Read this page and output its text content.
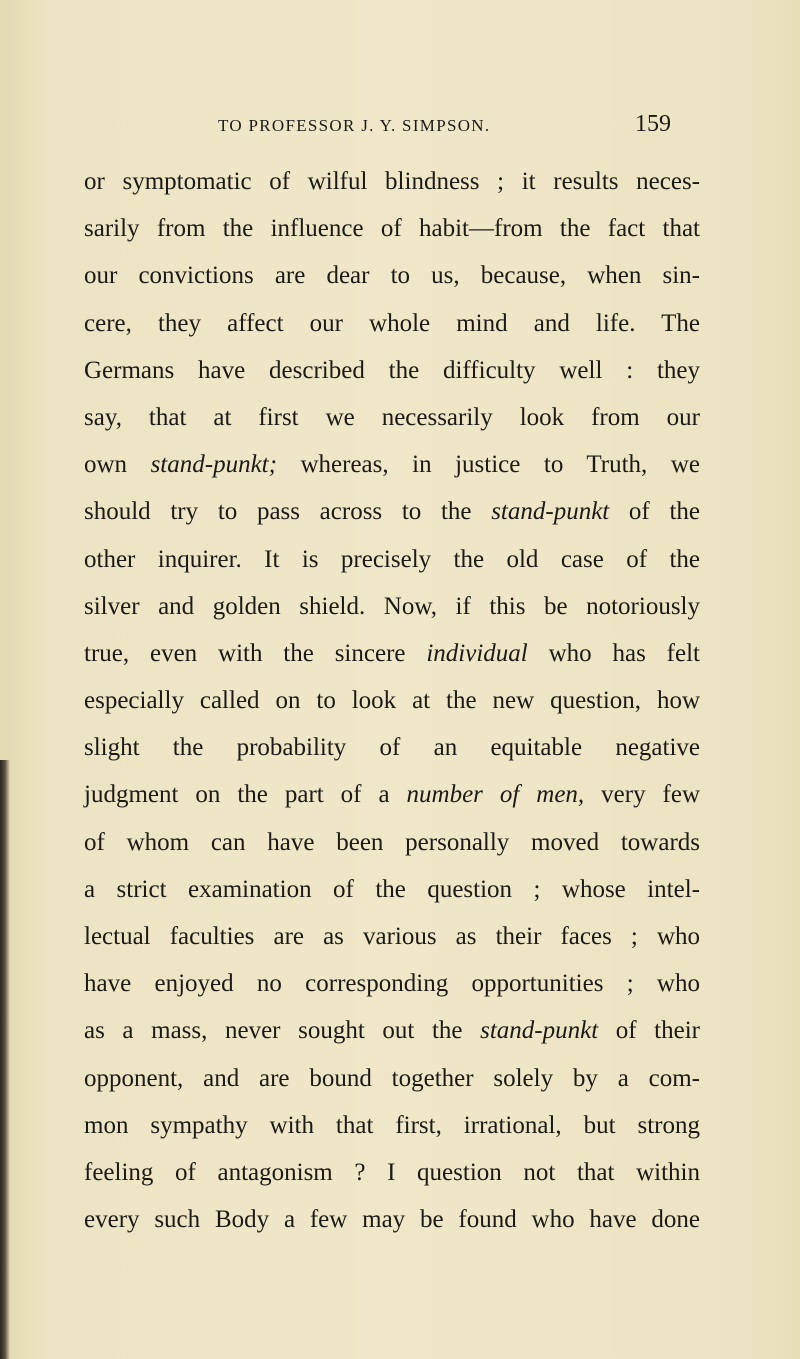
TO PROFESSOR J. Y. SIMPSON.	159
or symptomatic of wilful blindness ; it results neces-
sarily from the influence of habit—from the fact that
our convictions are dear to us, because, when sin-
cere, they affect our whole mind and life. The
Germans have described the difficulty well : they
say, that at first we necessarily look from our
own stand-punkt; whereas, in justice to Truth, we
should try to pass across to the stand-punkt of the
other inquirer. It is precisely the old case of the
silver and golden shield. Now, if this be notoriously
true, even with the sincere individual who has felt
especially called on to look at the new question, how
slight the probability of an equitable negative
judgment on the part of a number of men, very few
of whom can have been personally moved towards
a strict examination of the question ; whose intel-
lectual faculties are as various as their faces ; who
have enjoyed no corresponding opportunities ; who
as a mass, never sought out the stand-punkt of their
opponent, and are bound together solely by a com-
mon sympathy with that first, irrational, but strong
feeling of antagonism ? I question not that within
every such Body a few may be found who have done
